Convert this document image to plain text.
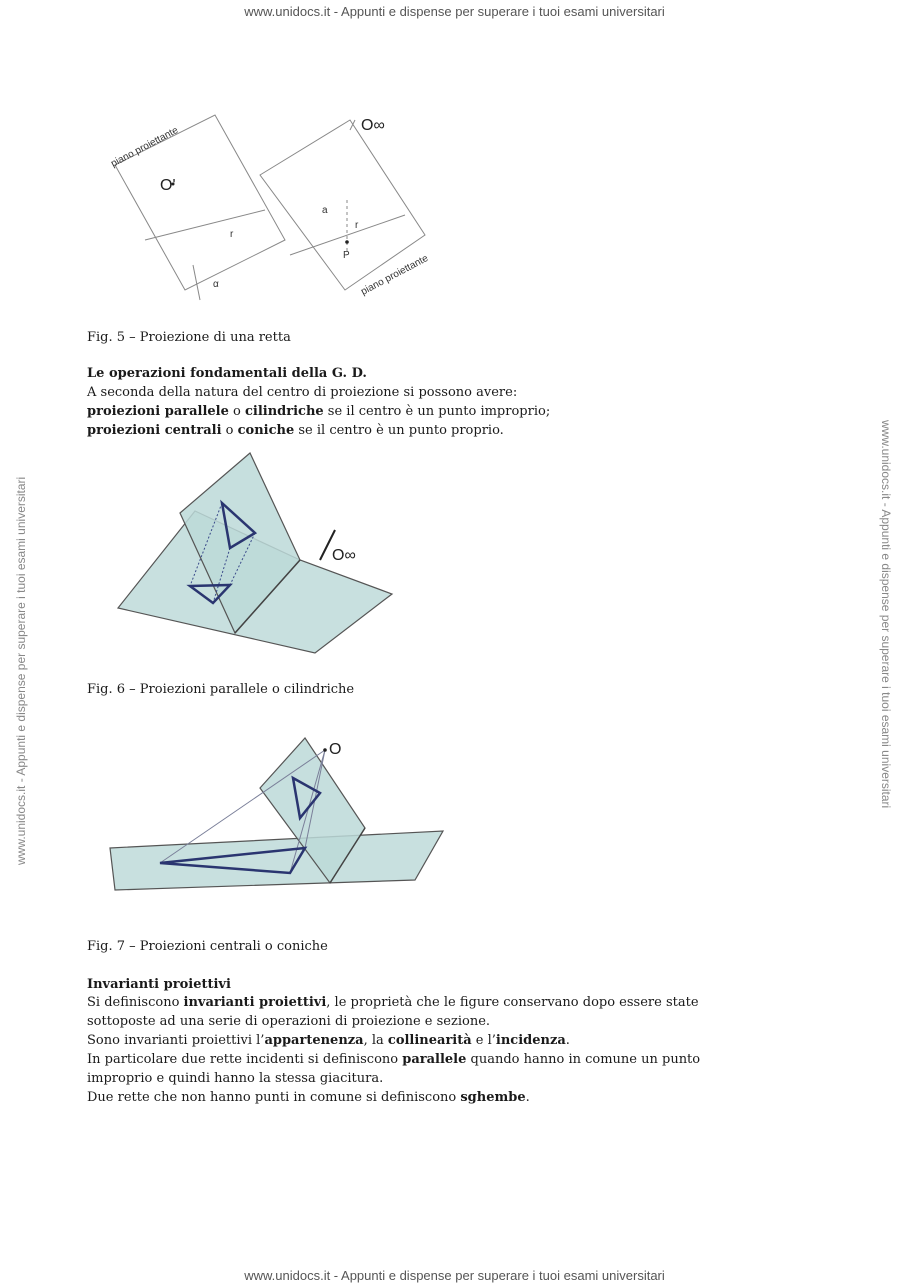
www.unidocs.it - Appunti e dispense per superare i tuoi esami universitari
www.unidocs.it - Appunti e dispense per superare i tuoi esami universitari	www.unidocs.it - Appunti e dispense per superare i tuoi esami universitari
piano proiettante
piano proiettante
O'
O∞
r
r
α
a
P

Fig. 5 – Proiezione di una retta

Le operazioni fondamentali della G. D.

A seconda della natura del centro di proiezione si possono avere:
proiezioni parallele o cilindriche se il centro è un punto improprio;
proiezioni centrali o coniche se il centro è un punto proprio.

O∞

Fig. 6 – Proiezioni parallele o cilindriche

O

Fig. 7 – Proiezioni centrali o coniche

Invarianti proiettivi

Si definiscono invarianti proiettivi, le proprietà che le figure conservano dopo essere state
sottoposte ad una serie di operazioni di proiezione e sezione.
Sono invarianti proiettivi l’appartenenza, la collinearità e l’incidenza.
In particolare due rette incidenti si definiscono parallele quando hanno in comune un punto
improprio e quindi hanno la stessa giacitura.
Due rette che non hanno punti in comune si definiscono sghembe.

www.unidocs.it - Appunti e dispense per superare i tuoi esami universitari
